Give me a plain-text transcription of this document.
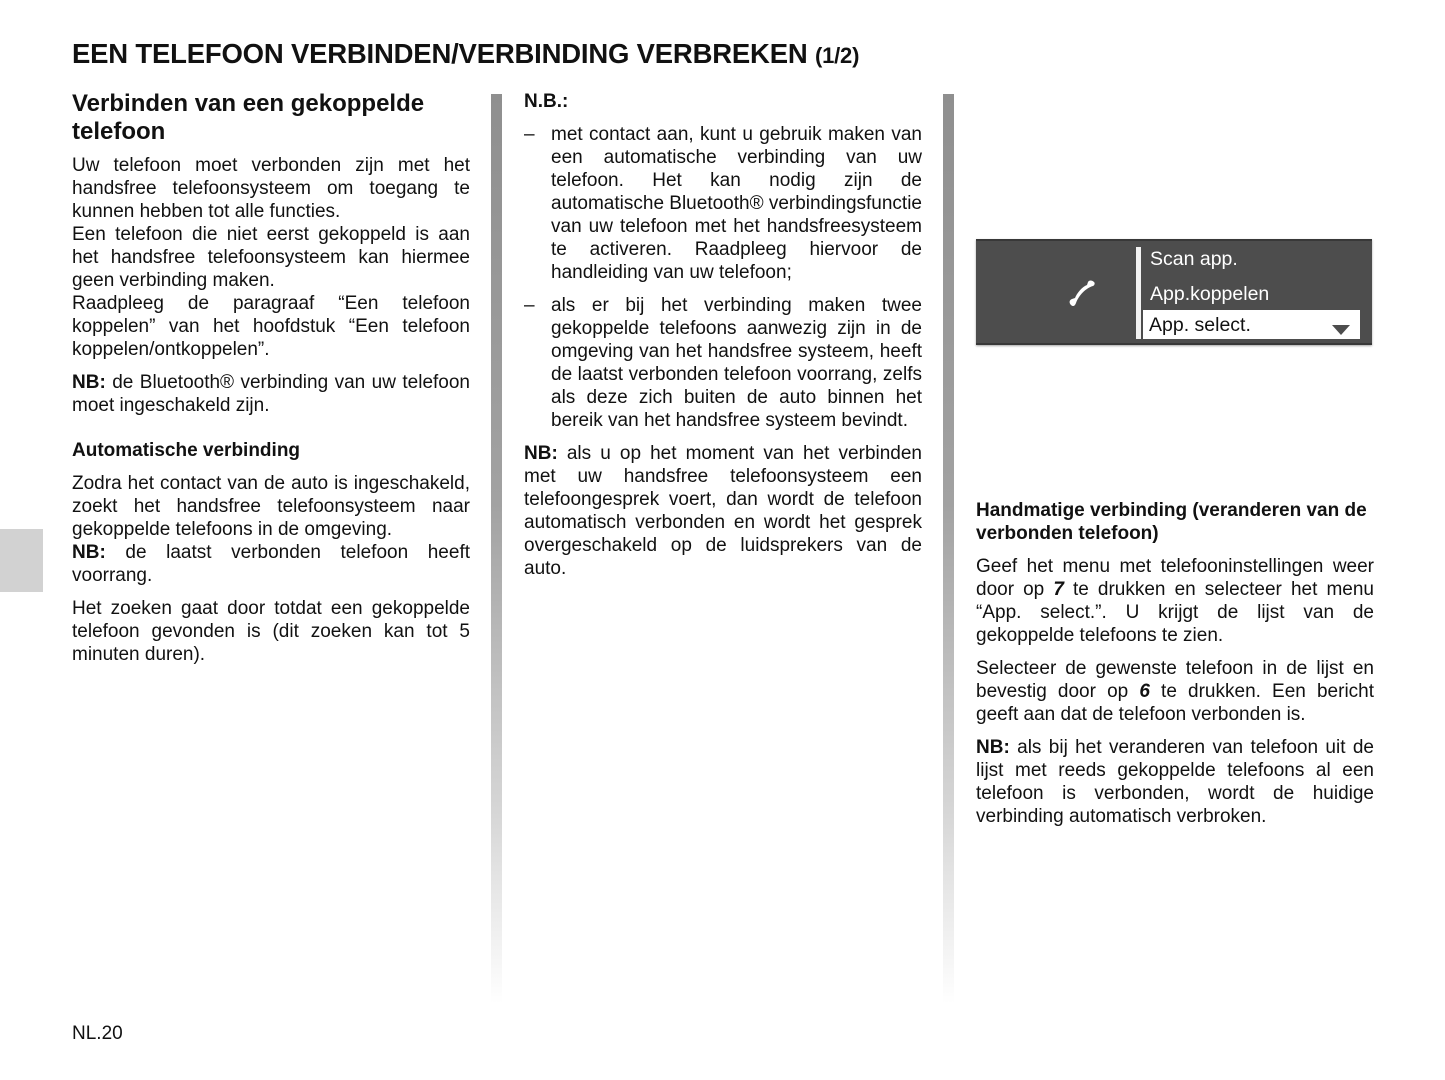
EEN TELEFOON VERBINDEN/VERBINDING VERBREKEN (1/2)
Verbinden van een gekoppelde telefoon

Uw telefoon moet verbonden zijn met het handsfree telefoonsysteem om toegang te kunnen hebben tot alle functies.

Een telefoon die niet eerst gekoppeld is aan het handsfree telefoonsysteem kan hiermee geen verbinding maken.

Raadpleeg de paragraaf “Een telefoon koppelen” van het hoofdstuk “Een telefoon koppelen/ontkoppelen”.

NB: de Bluetooth® verbinding van uw telefoon moet ingeschakeld zijn.

Automatische verbinding

Zodra het contact van de auto is ingeschakeld, zoekt het handsfree telefoonsysteem naar gekoppelde telefoons in de omgeving.

NB: de laatst verbonden telefoon heeft voorrang.

Het zoeken gaat door totdat een gekoppelde telefoon gevonden is (dit zoeken kan tot 5 minuten duren).

N.B.:

– met contact aan, kunt u gebruik maken van een automatische verbinding van uw telefoon. Het kan nodig zijn de automatische Bluetooth® verbindingsfunctie van uw telefoon met het handsfreesysteem te activeren. Raadpleeg hiervoor de handleiding van uw telefoon;
– als er bij het verbinding maken twee gekoppelde telefoons aanwezig zijn in de omgeving van het handsfree systeem, heeft de laatst verbonden telefoon voorrang, zelfs als deze zich buiten de auto binnen het bereik van het handsfree systeem bevindt.

NB: als u op het moment van het verbinden met uw handsfree telefoonsysteem een telefoongesprek voert, dan wordt de telefoon automatisch verbonden en wordt het gesprek overgeschakeld op de luidsprekers van de auto.

Scan app.
App.koppelen
App. select.
Handmatige verbinding (veranderen van de verbonden telefoon)

Geef het menu met telefooninstellingen weer door op 7 te drukken en selecteer het menu “App. select.”. U krijgt de lijst van de gekoppelde telefoons te zien.

Selecteer de gewenste telefoon in de lijst en bevestig door op 6 te drukken. Een bericht geeft aan dat de telefoon verbonden is.

NB: als bij het veranderen van telefoon uit de lijst met reeds gekoppelde telefoons al een telefoon is verbonden, wordt de huidige verbinding automatisch verbroken.

NL.20
